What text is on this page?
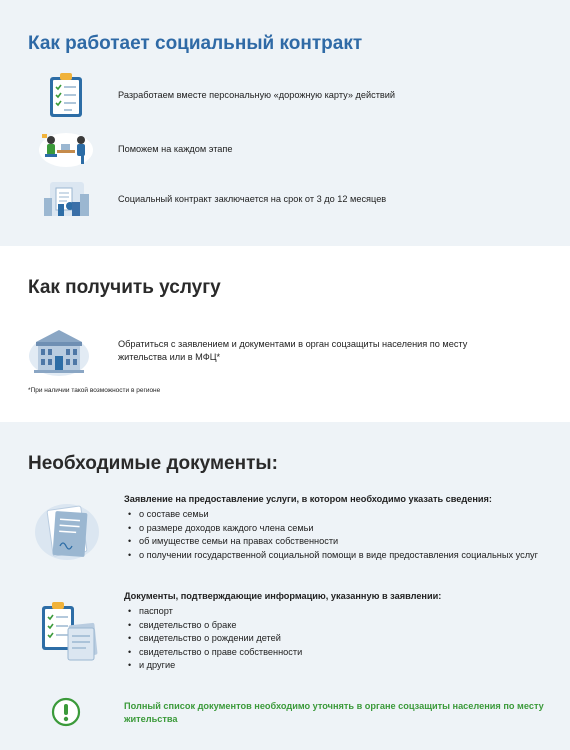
Как работает социальный контракт
Разработаем вместе персональную «дорожную карту» действий
Поможем на каждом этапе
Социальный контракт заключается на срок от 3 до 12 месяцев
Как получить услугу
Обратиться с заявлением и документами в орган соцзащиты населения по месту жительства или в МФЦ*
*При наличии такой возможности в регионе
Необходимые документы:
Заявление на предоставление услуги, в котором необходимо указать сведения:
• о составе семьи
• о размере доходов каждого члена семьи
• об имуществе семьи на правах собственности
• о получении государственной социальной помощи в виде предоставления социальных услуг
Документы, подтверждающие информацию, указанную в заявлении:
• паспорт
• свидетельство о браке
• свидетельство о рождении детей
• свидетельство о праве собственности
• и другие
Полный список документов необходимо уточнять в органе соцзащиты населения по месту жительства
